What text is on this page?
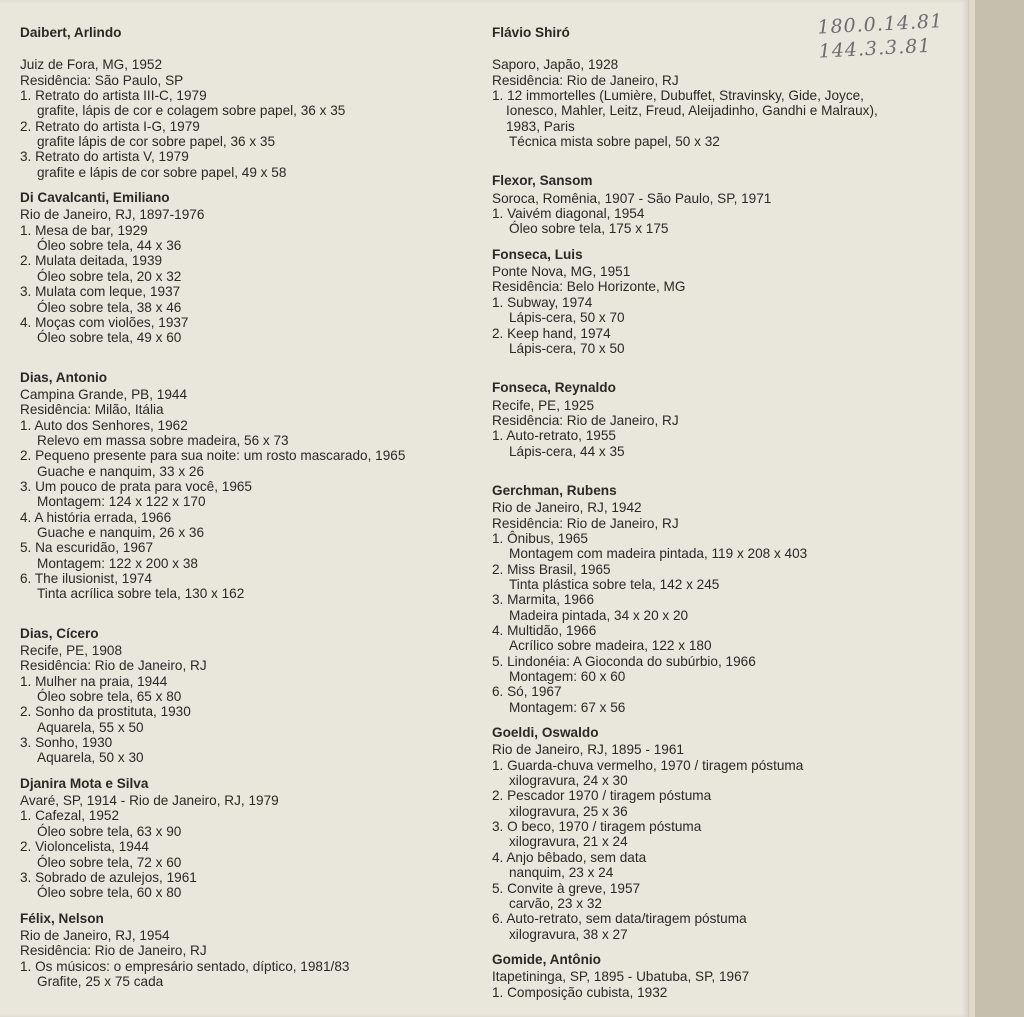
180.0.14.81
144.3.3.81
Daibert, Arlindo
Juiz de Fora, MG, 1952
Residência: São Paulo, SP
1. Retrato do artista III-C, 1979
grafite, lápis de cor e colagem sobre papel, 36 x 35
2. Retrato do artista I-G, 1979
grafite lápis de cor sobre papel, 36 x 35
3. Retrato do artista V, 1979
grafite e lápis de cor sobre papel, 49 x 58
Di Cavalcanti, Emiliano
Rio de Janeiro, RJ, 1897-1976
1. Mesa de bar, 1929
Óleo sobre tela, 44 x 36
2. Mulata deitada, 1939
Óleo sobre tela, 20 x 32
3. Mulata com leque, 1937
Óleo sobre tela, 38 x 46
4. Moças com violões, 1937
Óleo sobre tela, 49 x 60
Dias, Antonio
Campina Grande, PB, 1944
Residência: Milão, Itália
1. Auto dos Senhores, 1962
Relevo em massa sobre madeira, 56 x 73
2. Pequeno presente para sua noite: um rosto mascarado, 1965
Guache e nanquim, 33 x 26
3. Um pouco de prata para você, 1965
Montagem: 124 x 122 x 170
4. A história errada, 1966
Guache e nanquim, 26 x 36
5. Na escuridão, 1967
Montagem: 122 x 200 x 38
6. The ilusionist, 1974
Tinta acrílica sobre tela, 130 x 162
Dias, Cícero
Recife, PE, 1908
Residência: Rio de Janeiro, RJ
1. Mulher na praia, 1944
Óleo sobre tela, 65 x 80
2. Sonho da prostituta, 1930
Aquarela, 55 x 50
3. Sonho, 1930
Aquarela, 50 x 30
Djanira Mota e Silva
Avaré, SP, 1914 - Rio de Janeiro, RJ, 1979
1. Cafezal, 1952
Óleo sobre tela, 63 x 90
2. Violoncelista, 1944
Óleo sobre tela, 72 x 60
3. Sobrado de azulejos, 1961
Óleo sobre tela, 60 x 80
Félix, Nelson
Rio de Janeiro, RJ, 1954
Residência: Rio de Janeiro, RJ
1. Os músicos: o empresário sentado, díptico, 1981/83
Grafite, 25 x 75 cada
Flávio Shiró
Saporo, Japão, 1928
Residência: Rio de Janeiro, RJ
1. 12 immortelles (Lumière, Dubuffet, Stravinsky, Gide, Joyce, Ionesco, Mahler, Leitz, Freud, Aleijadinho, Gandhi e Malraux), 1983, Paris
Técnica mista sobre papel, 50 x 32
Flexor, Sansom
Soroca, Romênia, 1907 - São Paulo, SP, 1971
1. Vaivém diagonal, 1954
Óleo sobre tela, 175 x 175
Fonseca, Luis
Ponte Nova, MG, 1951
Residência: Belo Horizonte, MG
1. Subway, 1974
Lápis-cera, 50 x 70
2. Keep hand, 1974
Lápis-cera, 70 x 50
Fonseca, Reynaldo
Recife, PE, 1925
Residência: Rio de Janeiro, RJ
1. Auto-retrato, 1955
Lápis-cera, 44 x 35
Gerchman, Rubens
Rio de Janeiro, RJ, 1942
Residência: Rio de Janeiro, RJ
1. Ônibus, 1965
Montagem com madeira pintada, 119 x 208 x 403
2. Miss Brasil, 1965
Tinta plástica sobre tela, 142 x 245
3. Marmita, 1966
Madeira pintada, 34 x 20 x 20
4. Multidão, 1966
Acrílico sobre madeira, 122 x 180
5. Lindonéia: A Gioconda do subúrbio, 1966
Montagem: 60 x 60
6. Só, 1967
Montagem: 67 x 56
Goeldi, Oswaldo
Rio de Janeiro, RJ, 1895 - 1961
1. Guarda-chuva vermelho, 1970 / tiragem póstuma
xilogravura, 24 x 30
2. Pescador 1970 / tiragem póstuma
xilogravura, 25 x 36
3. O beco, 1970 / tiragem póstuma
xilogravura, 21 x 24
4. Anjo bêbado, sem data
nanquim, 23 x 24
5. Convite à greve, 1957
carvão, 23 x 32
6. Auto-retrato, sem data/tiragem póstuma
xilogravura, 38 x 27
Gomide, Antônio
Itapetininga, SP, 1895 - Ubatuba, SP, 1967
1. Composição cubista, 1932
